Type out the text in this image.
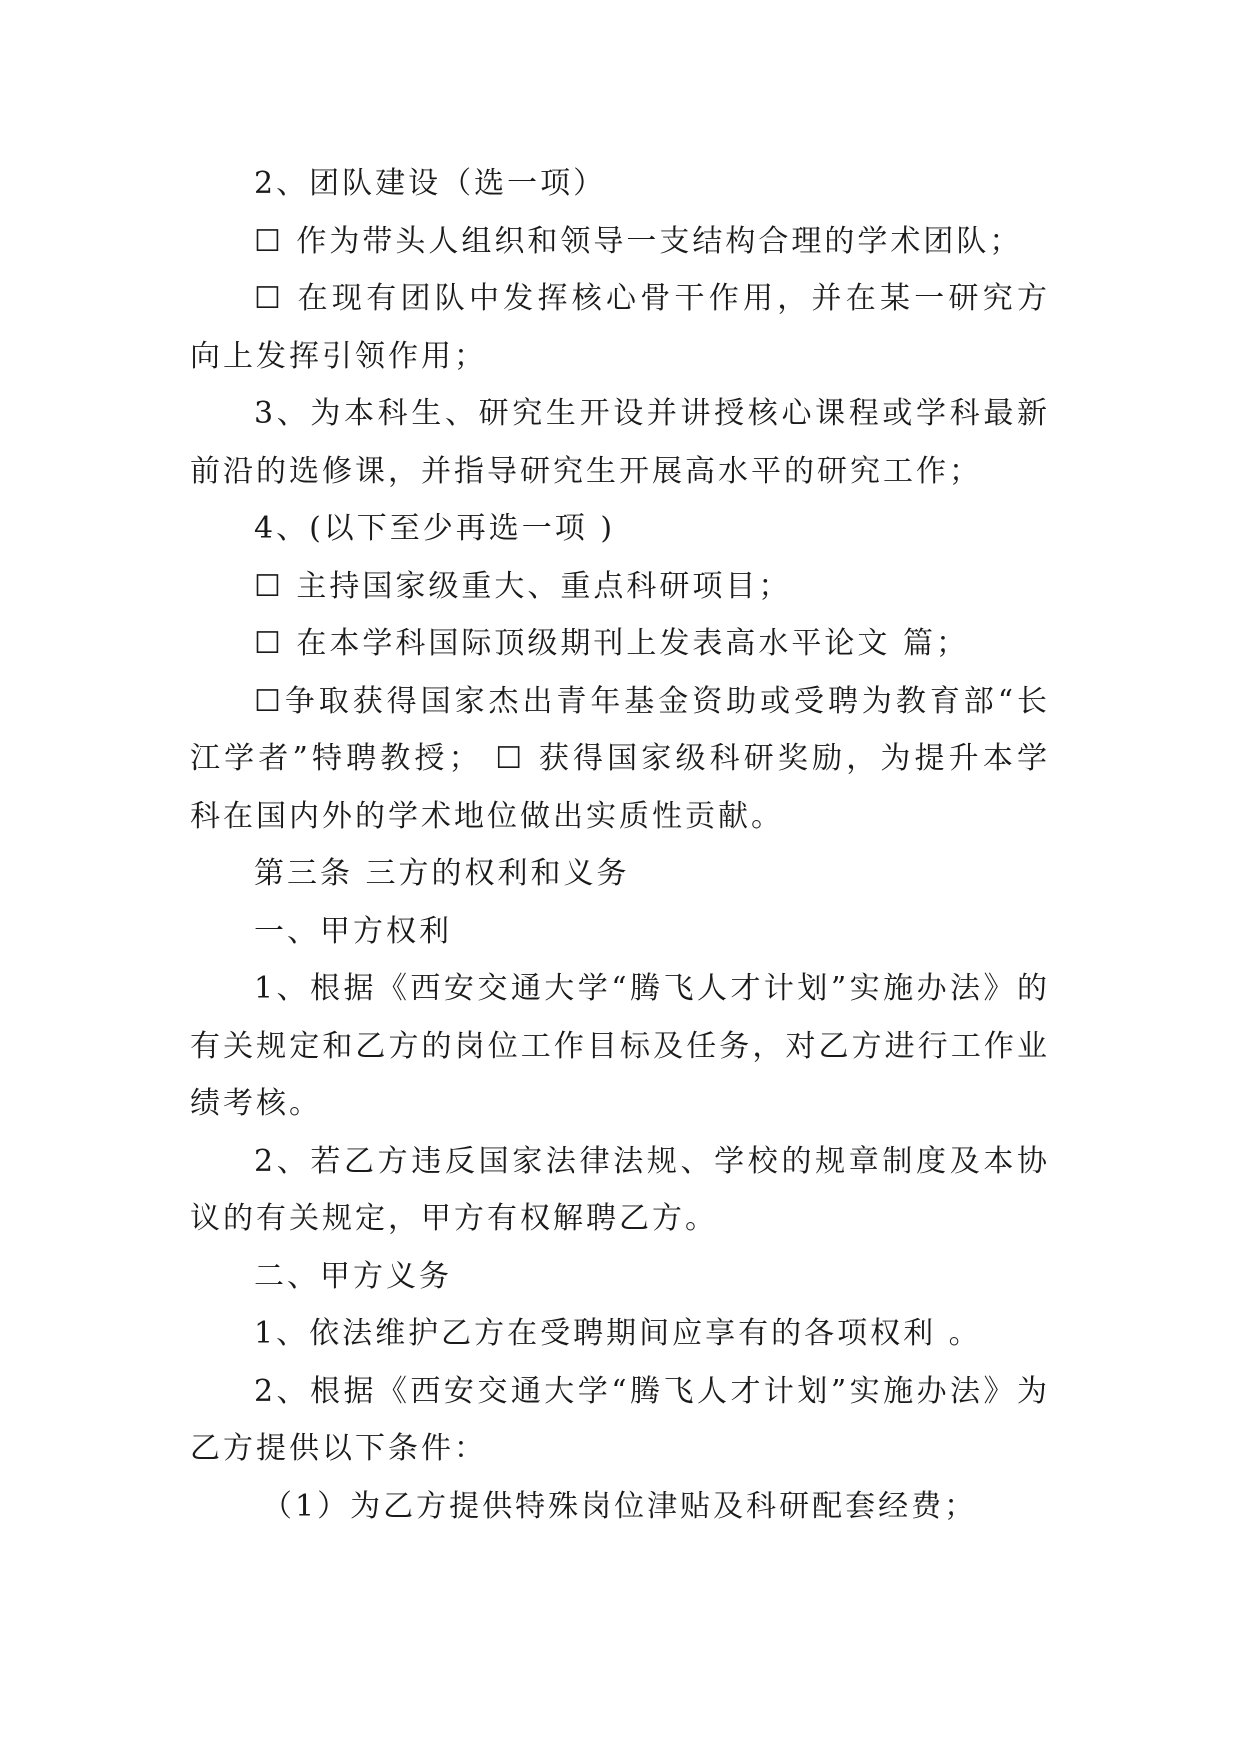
2、团队建设（选一项）

☐ 作为带头人组织和领导一支结构合理的学术团队；

☐ 在现有团队中发挥核心骨干作用，并在某一研究方向上发挥引领作用；

3、为本科生、研究生开设并讲授核心课程或学科最新前沿的选修课，并指导研究生开展高水平的研究工作；

4、(以下至少再选一项 )

☐ 主持国家级重大、重点科研项目；

☐ 在本学科国际顶级期刊上发表高水平论文 篇；

☐争取获得国家杰出青年基金资助或受聘为教育部“长江学者”特聘教授； ☐ 获得国家级科研奖励，为提升本学科在国内外的学术地位做出实质性贡献。

第三条 三方的权利和义务

一、甲方权利

1、根据《西安交通大学“腾飞人才计划”实施办法》的有关规定和乙方的岗位工作目标及任务，对乙方进行工作业绩考核。

2、若乙方违反国家法律法规、学校的规章制度及本协议的有关规定，甲方有权解聘乙方。

二、甲方义务

1、依法维护乙方在受聘期间应享有的各项权利 。

2、根据《西安交通大学“腾飞人才计划”实施办法》为乙方提供以下条件：

（1）为乙方提供特殊岗位津贴及科研配套经费；
